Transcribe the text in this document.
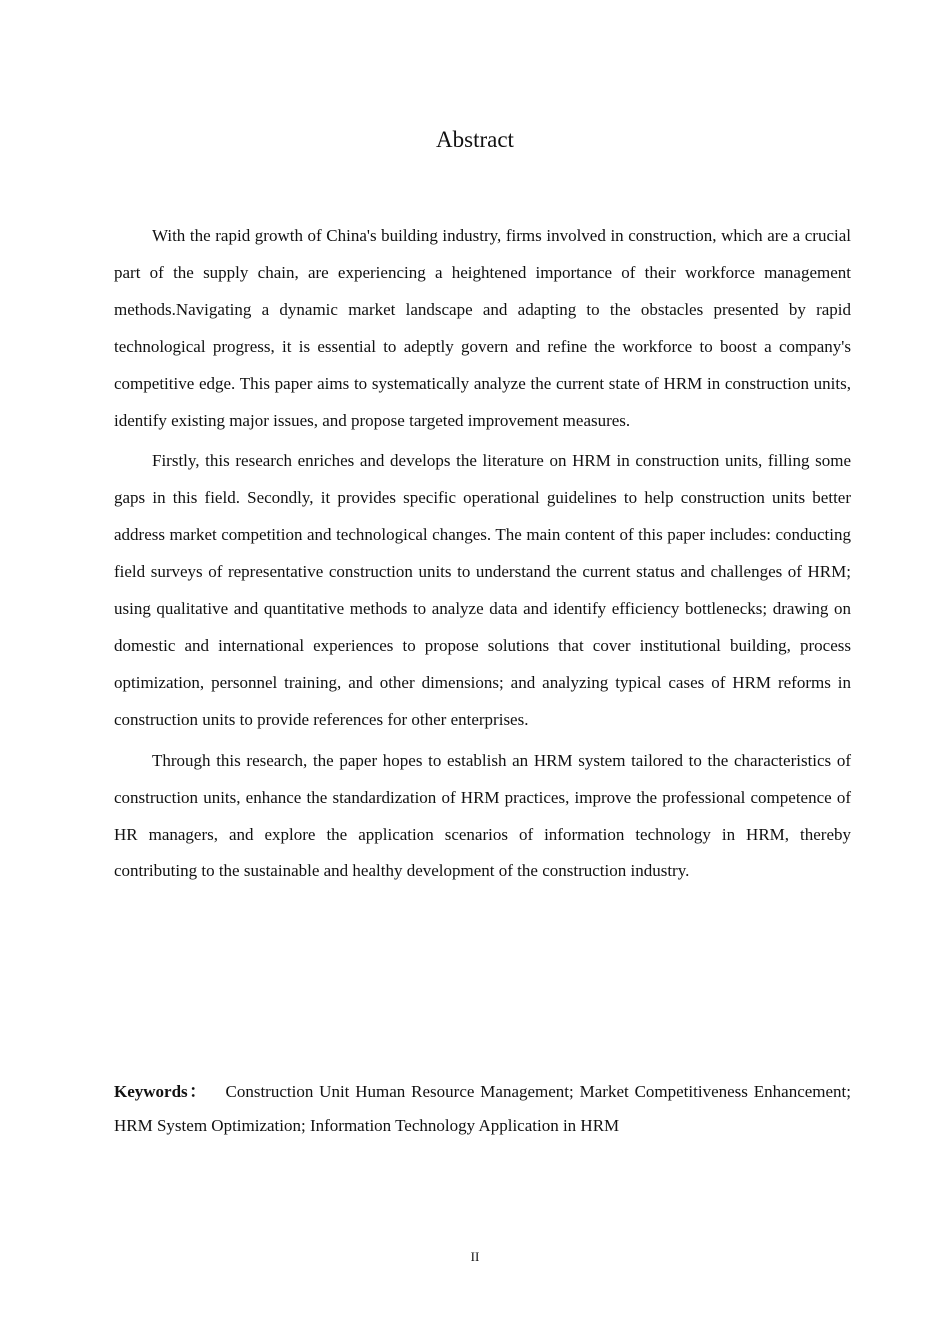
Abstract

With the rapid growth of China's building industry, firms involved in construction, which are a crucial part of the supply chain, are experiencing a heightened importance of their workforce management methods.Navigating a dynamic market landscape and adapting to the obstacles presented by rapid technological progress, it is essential to adeptly govern and refine the workforce to boost a company's competitive edge. This paper aims to systematically analyze the current state of HRM in construction units, identify existing major issues, and propose targeted improvement measures.

Firstly, this research enriches and develops the literature on HRM in construction units, filling some gaps in this field. Secondly, it provides specific operational guidelines to help construction units better address market competition and technological changes. The main content of this paper includes: conducting field surveys of representative construction units to understand the current status and challenges of HRM; using qualitative and quantitative methods to analyze data and identify efficiency bottlenecks; drawing on domestic and international experiences to propose solutions that cover institutional building, process optimization, personnel training, and other dimensions; and analyzing typical cases of HRM reforms in construction units to provide references for other enterprises.

Through this research, the paper hopes to establish an HRM system tailored to the characteristics of construction units, enhance the standardization of HRM practices, improve the professional competence of HR managers, and explore the application scenarios of information technology in HRM, thereby contributing to the sustainable and healthy development of the construction industry.

Keywords： Construction Unit Human Resource Management; Market Competitiveness Enhancement; HRM System Optimization; Information Technology Application in HRM

II
